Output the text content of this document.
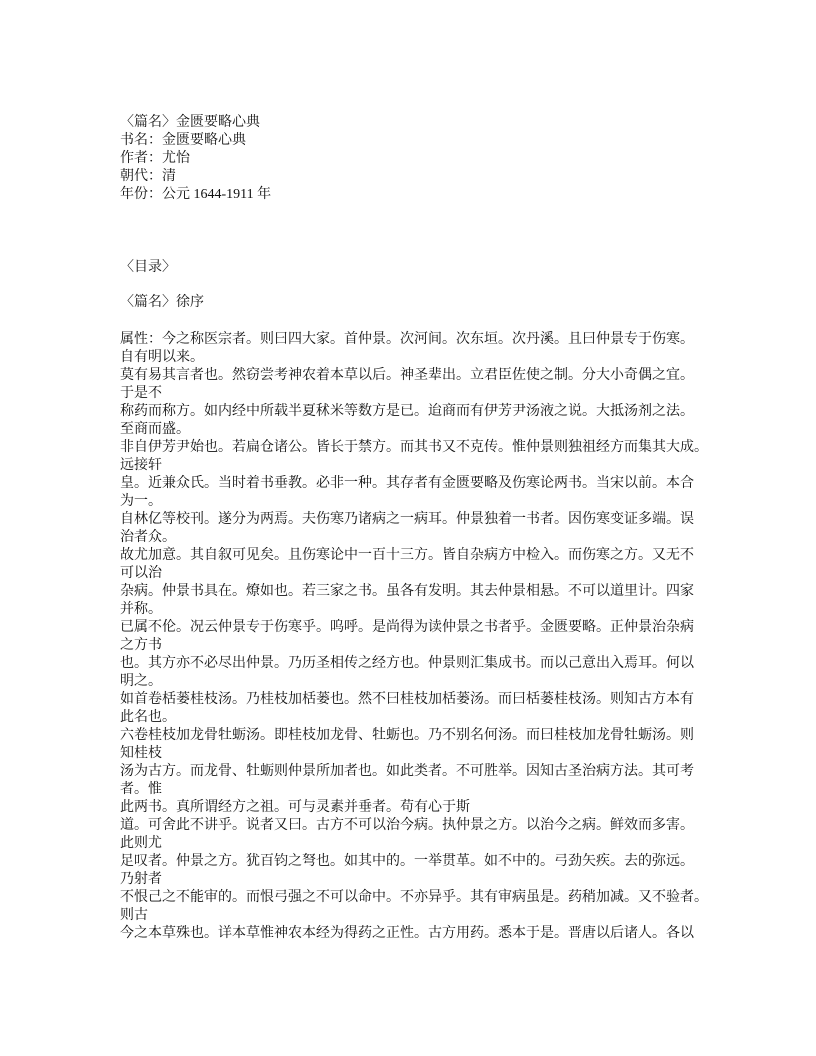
〈篇名〉金匮要略心典
书名：金匮要略心典
作者：尤怡
朝代：清
年份：公元 1644-1911 年
〈目录〉
〈篇名〉徐序
属性：今之称医宗者。则曰四大家。首仲景。次河间。次东垣。次丹溪。且曰仲景专于伤寒。
自有明以来。
莫有易其言者也。然窃尝考神农着本草以后。神圣辈出。立君臣佐使之制。分大小奇偶之宜。
于是不
称药而称方。如内经中所载半夏秫米等数方是已。迨商而有伊芳尹汤液之说。大抵汤剂之法。
至商而盛。
非自伊芳尹始也。若扁仓诸公。皆长于禁方。而其书又不克传。惟仲景则独祖经方而集其大成。
远接轩
皇。近兼众氏。当时着书垂教。必非一种。其存者有金匮要略及伤寒论两书。当宋以前。本合
为一。
自林亿等校刊。遂分为两焉。夫伤寒乃诸病之一病耳。仲景独着一书者。因伤寒变证多端。误
治者众。
故尤加意。其自叙可见矣。且伤寒论中一百十三方。皆自杂病方中检入。而伤寒之方。又无不
可以治
杂病。仲景书具在。燎如也。若三家之书。虽各有发明。其去仲景相悬。不可以道里计。四家
并称。
已属不伦。况云仲景专于伤寒乎。呜呼。是尚得为读仲景之书者乎。金匮要略。正仲景治杂病
之方书
也。其方亦不必尽出仲景。乃历圣相传之经方也。仲景则汇集成书。而以己意出入焉耳。何以
明之。
如首卷栝蒌桂枝汤。乃桂枝加栝蒌也。然不曰桂枝加栝蒌汤。而曰栝蒌桂枝汤。则知古方本有
此名也。
六卷桂枝加龙骨牡蛎汤。即桂枝加龙骨、牡蛎也。乃不别名何汤。而曰桂枝加龙骨牡蛎汤。则
知桂枝
汤为古方。而龙骨、牡蛎则仲景所加者也。如此类者。不可胜举。因知古圣治病方法。其可考
者。惟
此两书。真所谓经方之祖。可与灵素并垂者。苟有心于斯
道。可舍此不讲乎。说者又曰。古方不可以治今病。执仲景之方。以治今之病。鲜效而多害。
此则尤
足叹者。仲景之方。犹百钧之弩也。如其中的。一举贯革。如不中的。弓劲矢疾。去的弥远。
乃射者
不恨己之不能审的。而恨弓强之不可以命中。不亦异乎。其有审病虽是。药稍加减。又不验者。
则古
今之本草殊也。详本草惟神农本经为得药之正性。古方用药。悉本于是。晋唐以后诸人。各以
